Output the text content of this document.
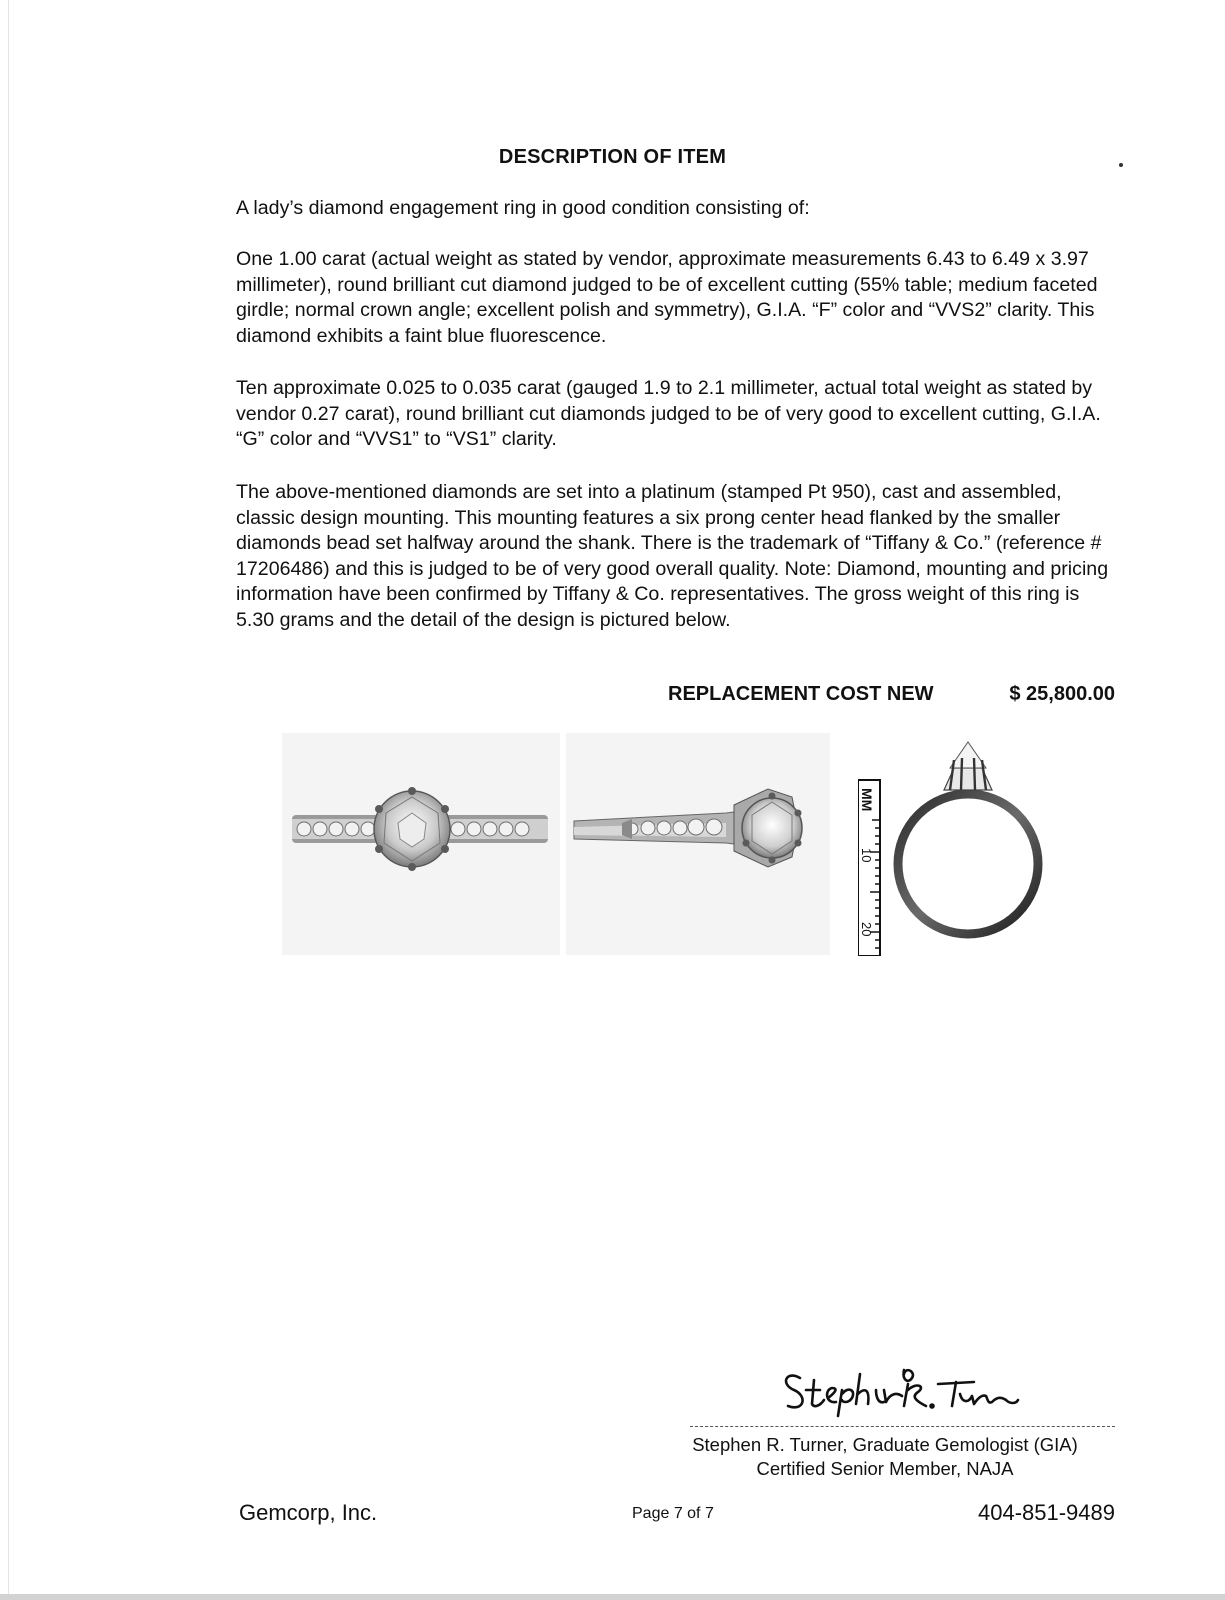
DESCRIPTION OF ITEM

A lady’s diamond engagement ring in good condition consisting of:

One 1.00 carat (actual weight as stated by vendor, approximate measurements 6.43 to 6.49 x 3.97 millimeter), round brilliant cut diamond judged to be of excellent cutting (55% table; medium faceted girdle; normal crown angle; excellent polish and symmetry), G.I.A. “F” color and “VVS2” clarity. This diamond exhibits a faint blue fluorescence.

Ten approximate 0.025 to 0.035 carat (gauged 1.9 to 2.1 millimeter, actual total weight as stated by vendor 0.27 carat), round brilliant cut diamonds judged to be of very good to excellent cutting, G.I.A. “G” color and “VVS1” to “VS1” clarity.

The above-mentioned diamonds are set into a platinum (stamped Pt 950), cast and assembled, classic design mounting. This mounting features a six prong center head flanked by the smaller diamonds bead set halfway around the shank. There is the trademark of “Tiffany & Co.” (reference # 17206486) and this is judged to be of very good overall quality. Note: Diamond, mounting and pricing information have been confirmed by Tiffany & Co. representatives. The gross weight of this ring is 5.30 grams and the detail of the design is pictured below.

REPLACEMENT COST NEW	$ 25,800.00
MM
10
20
Stephen R. Turner, Graduate Gemologist (GIA)
Certified Senior Member, NAJA
Gemcorp, Inc.	Page 7 of 7	404-851-9489
